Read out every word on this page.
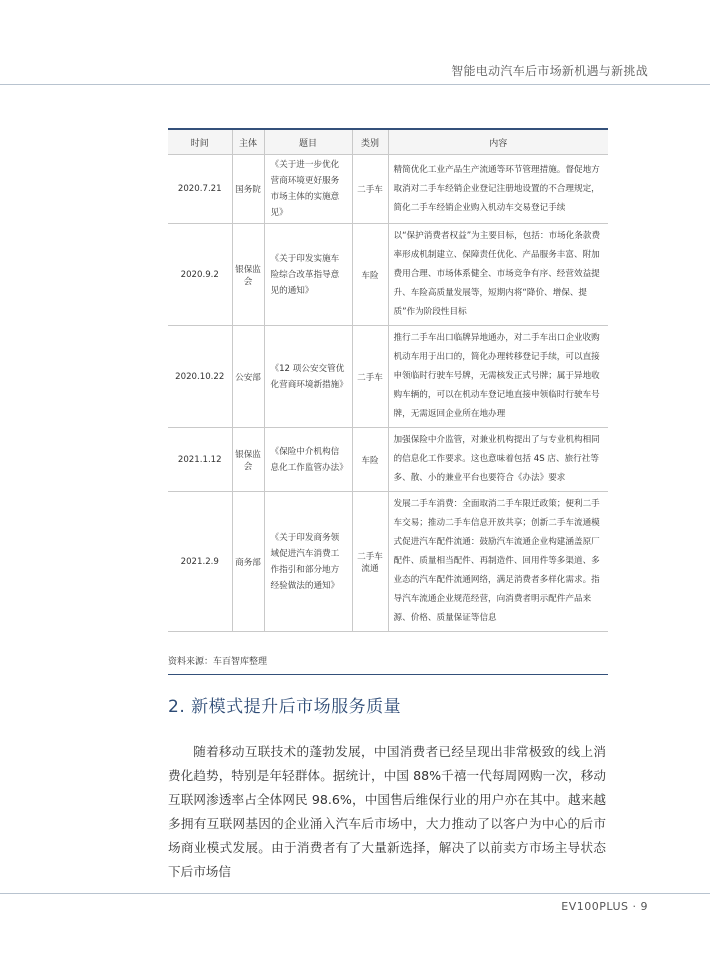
智能电动汽车后市场新机遇与新挑战
时间	主体	题目	类别	内容
2020.7.21	国务院	《关于进一步优化营商环境更好服务市场主体的实施意见》	二手车	精简优化工业产品生产流通等环节管理措施。督促地方取消对二手车经销企业登记注册地设置的不合理规定，简化二手车经销企业购入机动车交易登记手续
2020.9.2	银保监会	《关于印发实施车险综合改革指导意见的通知》	车险	以“保护消费者权益”为主要目标，包括：市场化条款费率形成机制建立、保障责任优化、产品服务丰富、附加费用合理、市场体系健全、市场竞争有序、经营效益提升、车险高质量发展等，短期内将“降价、增保、提质”作为阶段性目标
2020.10.22	公安部	《12 项公安交管优化营商环境新措施》	二手车	推行二手车出口临牌异地通办，对二手车出口企业收购机动车用于出口的，简化办理转移登记手续，可以直接申领临时行驶车号牌，无需核发正式号牌；属于异地收购车辆的，可以在机动车登记地直接申领临时行驶车号牌，无需返回企业所在地办理
2021.1.12	银保监会	《保险中介机构信息化工作监管办法》	车险	加强保险中介监管，对兼业机构提出了与专业机构相同的信息化工作要求。这也意味着包括 4S 店、旅行社等多、散、小的兼业平台也要符合《办法》要求
2021.2.9	商务部	《关于印发商务领域促进汽车消费工作指引和部分地方经验做法的通知》	二手车流通	发展二手车消费：全面取消二手车限迁政策；便利二手车交易；推动二手车信息开放共享；创新二手车流通模式促进汽车配件流通：鼓励汽车流通企业构建涵盖原厂配件、质量相当配件、再制造件、回用件等多渠道、多业态的汽车配件流通网络，满足消费者多样化需求。指导汽车流通企业规范经营，向消费者明示配件产品来源、价格、质量保证等信息
资料来源：车百智库整理
2. 新模式提升后市场服务质量

随着移动互联技术的蓬勃发展，中国消费者已经呈现出非常极致的线上消费化趋势，特别是年轻群体。据统计，中国 88%千禧一代每周网购一次，移动互联网渗透率占全体网民 98.6%，中国售后维保行业的用户亦在其中。越来越多拥有互联网基因的企业涌入汽车后市场中，大力推动了以客户为中心的后市场商业模式发展。由于消费者有了大量新选择，解决了以前卖方市场主导状态下后市场信

EV100PLUS · 9
